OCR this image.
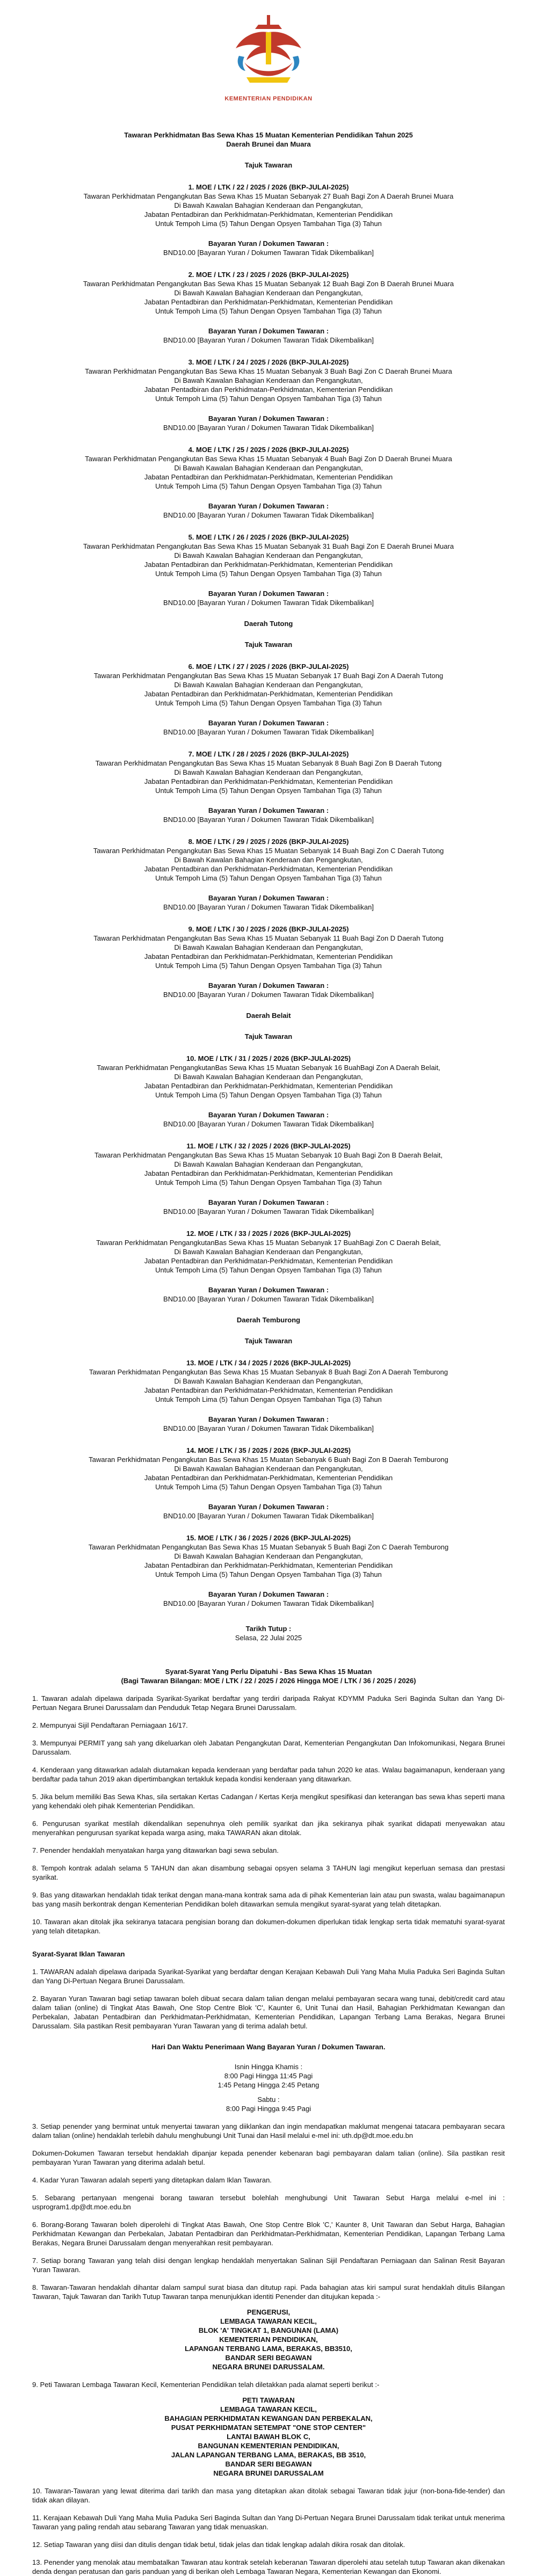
KEMENTERIAN PENDIDIKAN
Tawaran Perkhidmatan Bas Sewa Khas 15 Muatan Kementerian Pendidikan Tahun 2025
Daerah Brunei dan Muara
Tajuk Tawaran
1. MOE / LTK / 22 / 2025 / 2026 (BKP-JULAI-2025)
Tawaran Perkhidmatan Pengangkutan Bas Sewa Khas 15 Muatan Sebanyak 27 Buah Bagi Zon A Daerah Brunei Muara
Di Bawah Kawalan Bahagian Kenderaan dan Pengangkutan,
Jabatan Pentadbiran dan Perkhidmatan-Perkhidmatan, Kementerian Pendidikan
Untuk Tempoh Lima (5) Tahun Dengan Opsyen Tambahan Tiga (3) Tahun
Bayaran Yuran / Dokumen Tawaran :
BND10.00 [Bayaran Yuran / Dokumen Tawaran Tidak Dikembalikan]
2. MOE / LTK / 23 / 2025 / 2026 (BKP-JULAI-2025)
Tawaran Perkhidmatan Pengangkutan Bas Sewa Khas 15 Muatan Sebanyak 12 Buah Bagi Zon B Daerah Brunei Muara
Di Bawah Kawalan Bahagian Kenderaan dan Pengangkutan,
Jabatan Pentadbiran dan Perkhidmatan-Perkhidmatan, Kementerian Pendidikan
Untuk Tempoh Lima (5) Tahun Dengan Opsyen Tambahan Tiga (3) Tahun
Bayaran Yuran / Dokumen Tawaran :
BND10.00 [Bayaran Yuran / Dokumen Tawaran Tidak Dikembalikan]
3. MOE / LTK / 24 / 2025 / 2026 (BKP-JULAI-2025)
Tawaran Perkhidmatan Pengangkutan Bas Sewa Khas 15 Muatan Sebanyak 3 Buah Bagi Zon C Daerah Brunei Muara
Di Bawah Kawalan Bahagian Kenderaan dan Pengangkutan,
Jabatan Pentadbiran dan Perkhidmatan-Perkhidmatan, Kementerian Pendidikan
Untuk Tempoh Lima (5) Tahun Dengan Opsyen Tambahan Tiga (3) Tahun
Bayaran Yuran / Dokumen Tawaran :
BND10.00 [Bayaran Yuran / Dokumen Tawaran Tidak Dikembalikan]
4. MOE / LTK / 25 / 2025 / 2026 (BKP-JULAI-2025)
Tawaran Perkhidmatan Pengangkutan Bas Sewa Khas 15 Muatan Sebanyak 4 Buah Bagi Zon D Daerah Brunei Muara
Di Bawah Kawalan Bahagian Kenderaan dan Pengangkutan,
Jabatan Pentadbiran dan Perkhidmatan-Perkhidmatan, Kementerian Pendidikan
Untuk Tempoh Lima (5) Tahun Dengan Opsyen Tambahan Tiga (3) Tahun
Bayaran Yuran / Dokumen Tawaran :
BND10.00 [Bayaran Yuran / Dokumen Tawaran Tidak Dikembalikan]
5. MOE / LTK / 26 / 2025 / 2026 (BKP-JULAI-2025)
Tawaran Perkhidmatan Pengangkutan Bas Sewa Khas 15 Muatan Sebanyak 31 Buah Bagi Zon E Daerah Brunei Muara
Di Bawah Kawalan Bahagian Kenderaan dan Pengangkutan,
Jabatan Pentadbiran dan Perkhidmatan-Perkhidmatan, Kementerian Pendidikan
Untuk Tempoh Lima (5) Tahun Dengan Opsyen Tambahan Tiga (3) Tahun
Bayaran Yuran / Dokumen Tawaran :
BND10.00 [Bayaran Yuran / Dokumen Tawaran Tidak Dikembalikan]
Daerah Tutong
Tajuk Tawaran
6. MOE / LTK / 27 / 2025 / 2026 (BKP-JULAI-2025)
Tawaran Perkhidmatan Pengangkutan Bas Sewa Khas 15 Muatan Sebanyak 17 Buah Bagi Zon A Daerah Tutong
Di Bawah Kawalan Bahagian Kenderaan dan Pengangkutan,
Jabatan Pentadbiran dan Perkhidmatan-Perkhidmatan, Kementerian Pendidikan
Untuk Tempoh Lima (5) Tahun Dengan Opsyen Tambahan Tiga (3) Tahun
Bayaran Yuran / Dokumen Tawaran :
BND10.00 [Bayaran Yuran / Dokumen Tawaran Tidak Dikembalikan]
7. MOE / LTK / 28 / 2025 / 2026 (BKP-JULAI-2025)
Tawaran Perkhidmatan Pengangkutan Bas Sewa Khas 15 Muatan Sebanyak 8 Buah Bagi Zon B Daerah Tutong
Di Bawah Kawalan Bahagian Kenderaan dan Pengangkutan,
Jabatan Pentadbiran dan Perkhidmatan-Perkhidmatan, Kementerian Pendidikan
Untuk Tempoh Lima (5) Tahun Dengan Opsyen Tambahan Tiga (3) Tahun
Bayaran Yuran / Dokumen Tawaran :
BND10.00 [Bayaran Yuran / Dokumen Tawaran Tidak Dikembalikan]
8. MOE / LTK / 29 / 2025 / 2026 (BKP-JULAI-2025)
Tawaran Perkhidmatan Pengangkutan Bas Sewa Khas 15 Muatan Sebanyak 14 Buah Bagi Zon C Daerah Tutong
Di Bawah Kawalan Bahagian Kenderaan dan Pengangkutan,
Jabatan Pentadbiran dan Perkhidmatan-Perkhidmatan, Kementerian Pendidikan
Untuk Tempoh Lima (5) Tahun Dengan Opsyen Tambahan Tiga (3) Tahun
Bayaran Yuran / Dokumen Tawaran :
BND10.00 [Bayaran Yuran / Dokumen Tawaran Tidak Dikembalikan]
9. MOE / LTK / 30 / 2025 / 2026 (BKP-JULAI-2025)
Tawaran Perkhidmatan Pengangkutan Bas Sewa Khas 15 Muatan Sebanyak 11 Buah Bagi Zon D Daerah Tutong
Di Bawah Kawalan Bahagian Kenderaan dan Pengangkutan,
Jabatan Pentadbiran dan Perkhidmatan-Perkhidmatan, Kementerian Pendidikan
Untuk Tempoh Lima (5) Tahun Dengan Opsyen Tambahan Tiga (3) Tahun
Bayaran Yuran / Dokumen Tawaran :
BND10.00 [Bayaran Yuran / Dokumen Tawaran Tidak Dikembalikan]
Daerah Belait
Tajuk Tawaran
10. MOE / LTK / 31 / 2025 / 2026 (BKP-JULAI-2025)
Tawaran Perkhidmatan PengangkutanBas Sewa Khas 15 Muatan Sebanyak 16 BuahBagi Zon A Daerah Belait,
Di Bawah Kawalan Bahagian Kenderaan dan Pengangkutan,
Jabatan Pentadbiran dan Perkhidmatan-Perkhidmatan, Kementerian Pendidikan
Untuk Tempoh Lima (5) Tahun Dengan Opsyen Tambahan Tiga (3) Tahun
Bayaran Yuran / Dokumen Tawaran :
BND10.00 [Bayaran Yuran / Dokumen Tawaran Tidak Dikembalikan]
11. MOE / LTK / 32 / 2025 / 2026 (BKP-JULAI-2025)
Tawaran Perkhidmatan Pengangkutan Bas Sewa Khas 15 Muatan Sebanyak 10 Buah Bagi Zon B Daerah Belait,
Di Bawah Kawalan Bahagian Kenderaan dan Pengangkutan,
Jabatan Pentadbiran dan Perkhidmatan-Perkhidmatan, Kementerian Pendidikan
Untuk Tempoh Lima (5) Tahun Dengan Opsyen Tambahan Tiga (3) Tahun
Bayaran Yuran / Dokumen Tawaran :
BND10.00 [Bayaran Yuran / Dokumen Tawaran Tidak Dikembalikan]
12. MOE / LTK / 33 / 2025 / 2026 (BKP-JULAI-2025)
Tawaran Perkhidmatan PengangkutanBas Sewa Khas 15 Muatan Sebanyak 17 BuahBagi Zon C Daerah Belait,
Di Bawah Kawalan Bahagian Kenderaan dan Pengangkutan,
Jabatan Pentadbiran dan Perkhidmatan-Perkhidmatan, Kementerian Pendidikan
Untuk Tempoh Lima (5) Tahun Dengan Opsyen Tambahan Tiga (3) Tahun
Bayaran Yuran / Dokumen Tawaran :
BND10.00 [Bayaran Yuran / Dokumen Tawaran Tidak Dikembalikan]
Daerah Temburong
Tajuk Tawaran
13. MOE / LTK / 34 / 2025 / 2026 (BKP-JULAI-2025)
Tawaran Perkhidmatan Pengangkutan Bas Sewa Khas 15 Muatan Sebanyak 8 Buah Bagi Zon A Daerah Temburong
Di Bawah Kawalan Bahagian Kenderaan dan Pengangkutan,
Jabatan Pentadbiran dan Perkhidmatan-Perkhidmatan, Kementerian Pendidikan
Untuk Tempoh Lima (5) Tahun Dengan Opsyen Tambahan Tiga (3) Tahun
Bayaran Yuran / Dokumen Tawaran :
BND10.00 [Bayaran Yuran / Dokumen Tawaran Tidak Dikembalikan]
14. MOE / LTK / 35 / 2025 / 2026 (BKP-JULAI-2025)
Tawaran Perkhidmatan Pengangkutan Bas Sewa Khas 15 Muatan Sebanyak 6 Buah Bagi Zon B Daerah Temburong
Di Bawah Kawalan Bahagian Kenderaan dan Pengangkutan,
Jabatan Pentadbiran dan Perkhidmatan-Perkhidmatan, Kementerian Pendidikan
Untuk Tempoh Lima (5) Tahun Dengan Opsyen Tambahan Tiga (3) Tahun
Bayaran Yuran / Dokumen Tawaran :
BND10.00 [Bayaran Yuran / Dokumen Tawaran Tidak Dikembalikan]
15. MOE / LTK / 36 / 2025 / 2026 (BKP-JULAI-2025)
Tawaran Perkhidmatan Pengangkutan Bas Sewa Khas 15 Muatan Sebanyak 5 Buah Bagi Zon C Daerah Temburong
Di Bawah Kawalan Bahagian Kenderaan dan Pengangkutan,
Jabatan Pentadbiran dan Perkhidmatan-Perkhidmatan, Kementerian Pendidikan
Untuk Tempoh Lima (5) Tahun Dengan Opsyen Tambahan Tiga (3) Tahun
Bayaran Yuran / Dokumen Tawaran :
BND10.00 [Bayaran Yuran / Dokumen Tawaran Tidak Dikembalikan]
Tarikh Tutup :
Selasa, 22 Julai 2025
Syarat-Syarat Yang Perlu Dipatuhi - Bas Sewa Khas 15 Muatan
(Bagi Tawaran Bilangan: MOE / LTK / 22 / 2025 / 2026 Hingga MOE / LTK / 36 / 2025 / 2026)
1. Tawaran adalah dipelawa daripada Syarikat-Syarikat berdaftar yang terdiri daripada Rakyat KDYMM Paduka Seri Baginda Sultan dan Yang Di-Pertuan Negara Brunei Darussalam dan Penduduk Tetap Negara Brunei Darussalam.
2. Mempunyai Sijil Pendaftaran Perniagaan 16/17.
3. Mempunyai PERMIT yang sah yang dikeluarkan oleh Jabatan Pengangkutan Darat, Kementerian Pengangkutan Dan Infokomunikasi, Negara Brunei Darussalam.
4. Kenderaan yang ditawarkan adalah diutamakan kepada kenderaan yang berdaftar pada tahun 2020 ke atas. Walau bagaimanapun, kenderaan yang berdaftar pada tahun 2019 akan dipertimbangkan tertakluk kepada kondisi kenderaan yang ditawarkan.
5. Jika belum memiliki Bas Sewa Khas, sila sertakan Kertas Cadangan / Kertas Kerja mengikut spesifikasi dan keterangan bas sewa khas seperti mana yang kehendaki oleh pihak Kementerian Pendidikan.
6. Pengurusan syarikat mestilah dikendalikan sepenuhnya oleh pemilik syarikat dan jika sekiranya pihak syarikat didapati menyewakan atau menyerahkan pengurusan syarikat kepada warga asing, maka TAWARAN akan ditolak.
7. Penender hendaklah menyatakan harga yang ditawarkan bagi sewa sebulan.
8. Tempoh kontrak adalah selama 5 TAHUN dan akan disambung sebagai opsyen selama 3 TAHUN lagi mengikut keperluan semasa dan prestasi syarikat.
9. Bas yang ditawarkan hendaklah tidak terikat dengan mana-mana kontrak sama ada di pihak Kementerian lain atau pun swasta, walau bagaimanapun bas yang masih berkontrak dengan Kementerian Pendidikan boleh ditawarkan semula mengikut syarat-syarat yang telah ditetapkan.
10. Tawaran akan ditolak jika sekiranya tatacara pengisian borang dan dokumen-dokumen diperlukan tidak lengkap serta tidak mematuhi syarat-syarat yang telah ditetapkan.
Syarat-Syarat Iklan Tawaran
1. TAWARAN adalah dipelawa daripada Syarikat-Syarikat yang berdaftar dengan Kerajaan Kebawah Duli Yang Maha Mulia Paduka Seri Baginda Sultan dan Yang Di-Pertuan Negara Brunei Darussalam.
2. Bayaran Yuran Tawaran bagi setiap tawaran boleh dibuat secara dalam talian dengan melalui pembayaran secara wang tunai, debit/credit card atau dalam talian (online) di Tingkat Atas Bawah, One Stop Centre Blok 'C', Kaunter 6, Unit Tunai dan Hasil, Bahagian Perkhidmatan Kewangan dan Perbekalan, Jabatan Pentadbiran dan Perkhidmatan-Perkhidmatan, Kementerian Pendidikan, Lapangan Terbang Lama Berakas, Negara Brunei Darussalam. Sila pastikan Resit pembayaran Yuran Tawaran yang di terima adalah betul.
Hari Dan Waktu Penerimaan Wang Bayaran Yuran / Dokumen Tawaran.
Isnin Hingga Khamis :
8:00 Pagi Hingga 11:45 Pagi
1:45 Petang Hingga 2:45 Petang
Sabtu :
8:00 Pagi Hingga 9:45 Pagi
3. Setiap penender yang berminat untuk menyertai tawaran yang diiklankan dan ingin mendapatkan maklumat mengenai tatacara pembayaran secara dalam talian (online) hendaklah terlebih dahulu menghubungi Unit Tunai dan Hasil melalui e-mel ini: uth.dp@dt.moe.edu.bn
Dokumen-Dokumen Tawaran tersebut hendaklah dipanjar kepada penender kebenaran bagi pembayaran dalam talian (online). Sila pastikan resit pembayaran Yuran Tawaran yang diterima adalah betul.
4. Kadar Yuran Tawaran adalah seperti yang ditetapkan dalam Iklan Tawaran.
5. Sebarang pertanyaan mengenai borang tawaran tersebut bolehlah menghubungi Unit Tawaran Sebut Harga melalui e-mel ini : usprogram1.dp@dt.moe.edu.bn
6. Borang-Borang Tawaran boleh diperolehi di Tingkat Atas Bawah, One Stop Centre Blok 'C,' Kaunter 8, Unit Tawaran dan Sebut Harga, Bahagian Perkhidmatan Kewangan dan Perbekalan, Jabatan Pentadbiran dan Perkhidmatan-Perkhidmatan, Kementerian Pendidikan, Lapangan Terbang Lama Berakas, Negara Brunei Darussalam dengan menyerahkan resit pembayaran.
7. Setiap borang Tawaran yang telah diisi dengan lengkap hendaklah menyertakan Salinan Sijil Pendaftaran Perniagaan dan Salinan Resit Bayaran Yuran Tawaran.
8. Tawaran-Tawaran hendaklah dihantar dalam sampul surat biasa dan ditutup rapi. Pada bahagian atas kiri sampul surat hendaklah ditulis Bilangan Tawaran, Tajuk Tawaran dan Tarikh Tutup Tawaran tanpa menunjukkan identiti Penender dan ditujukan kepada :-
PENGERUSI,
LEMBAGA TAWARAN KECIL,
BLOK 'A' TINGKAT 1, BANGUNAN (LAMA)
KEMENTERIAN PENDIDIKAN,
LAPANGAN TERBANG LAMA, BERAKAS, BB3510,
BANDAR SERI BEGAWAN
NEGARA BRUNEI DARUSSALAM.
9. Peti Tawaran Lembaga Tawaran Kecil, Kementerian Pendidikan telah diletakkan pada alamat seperti berikut :-
PETI TAWARAN
LEMBAGA TAWARAN KECIL,
BAHAGIAN PERKHIDMATAN KEWANGAN DAN PERBEKALAN,
PUSAT PERKHIDMATAN SETEMPAT "ONE STOP CENTER"
LANTAI BAWAH BLOK C,
BANGUNAN KEMENTERIAN PENDIDIKAN,
JALAN LAPANGAN TERBANG LAMA, BERAKAS, BB 3510,
BANDAR SERI BEGAWAN
NEGARA BRUNEI DARUSSALAM
10. Tawaran-Tawaran yang lewat diterima dari tarikh dan masa yang ditetapkan akan ditolak sebagai Tawaran tidak jujur (non-bona-fide-tender) dan tidak akan dilayan.
11. Kerajaan Kebawah Duli Yang Maha Mulia Paduka Seri Baginda Sultan dan Yang Di-Pertuan Negara Brunei Darussalam tidak terikat untuk menerima Tawaran yang paling rendah atau sebarang Tawaran yang tidak menuaskan.
12. Setiap Tawaran yang diisi dan ditulis dengan tidak betul, tidak jelas dan tidak lengkap adalah dikira rosak dan ditolak.
13. Penender yang menolak atau membatalkan Tawaran atau kontrak setelah keberanan Tawaran diperolehi atau setelah tutup Tawaran akan dikenakan denda dengan peratusan dan garis panduan yang di berikan oleh Lembaga Tawaran Negara, Kementerian Kewangan dan Ekonomi.
